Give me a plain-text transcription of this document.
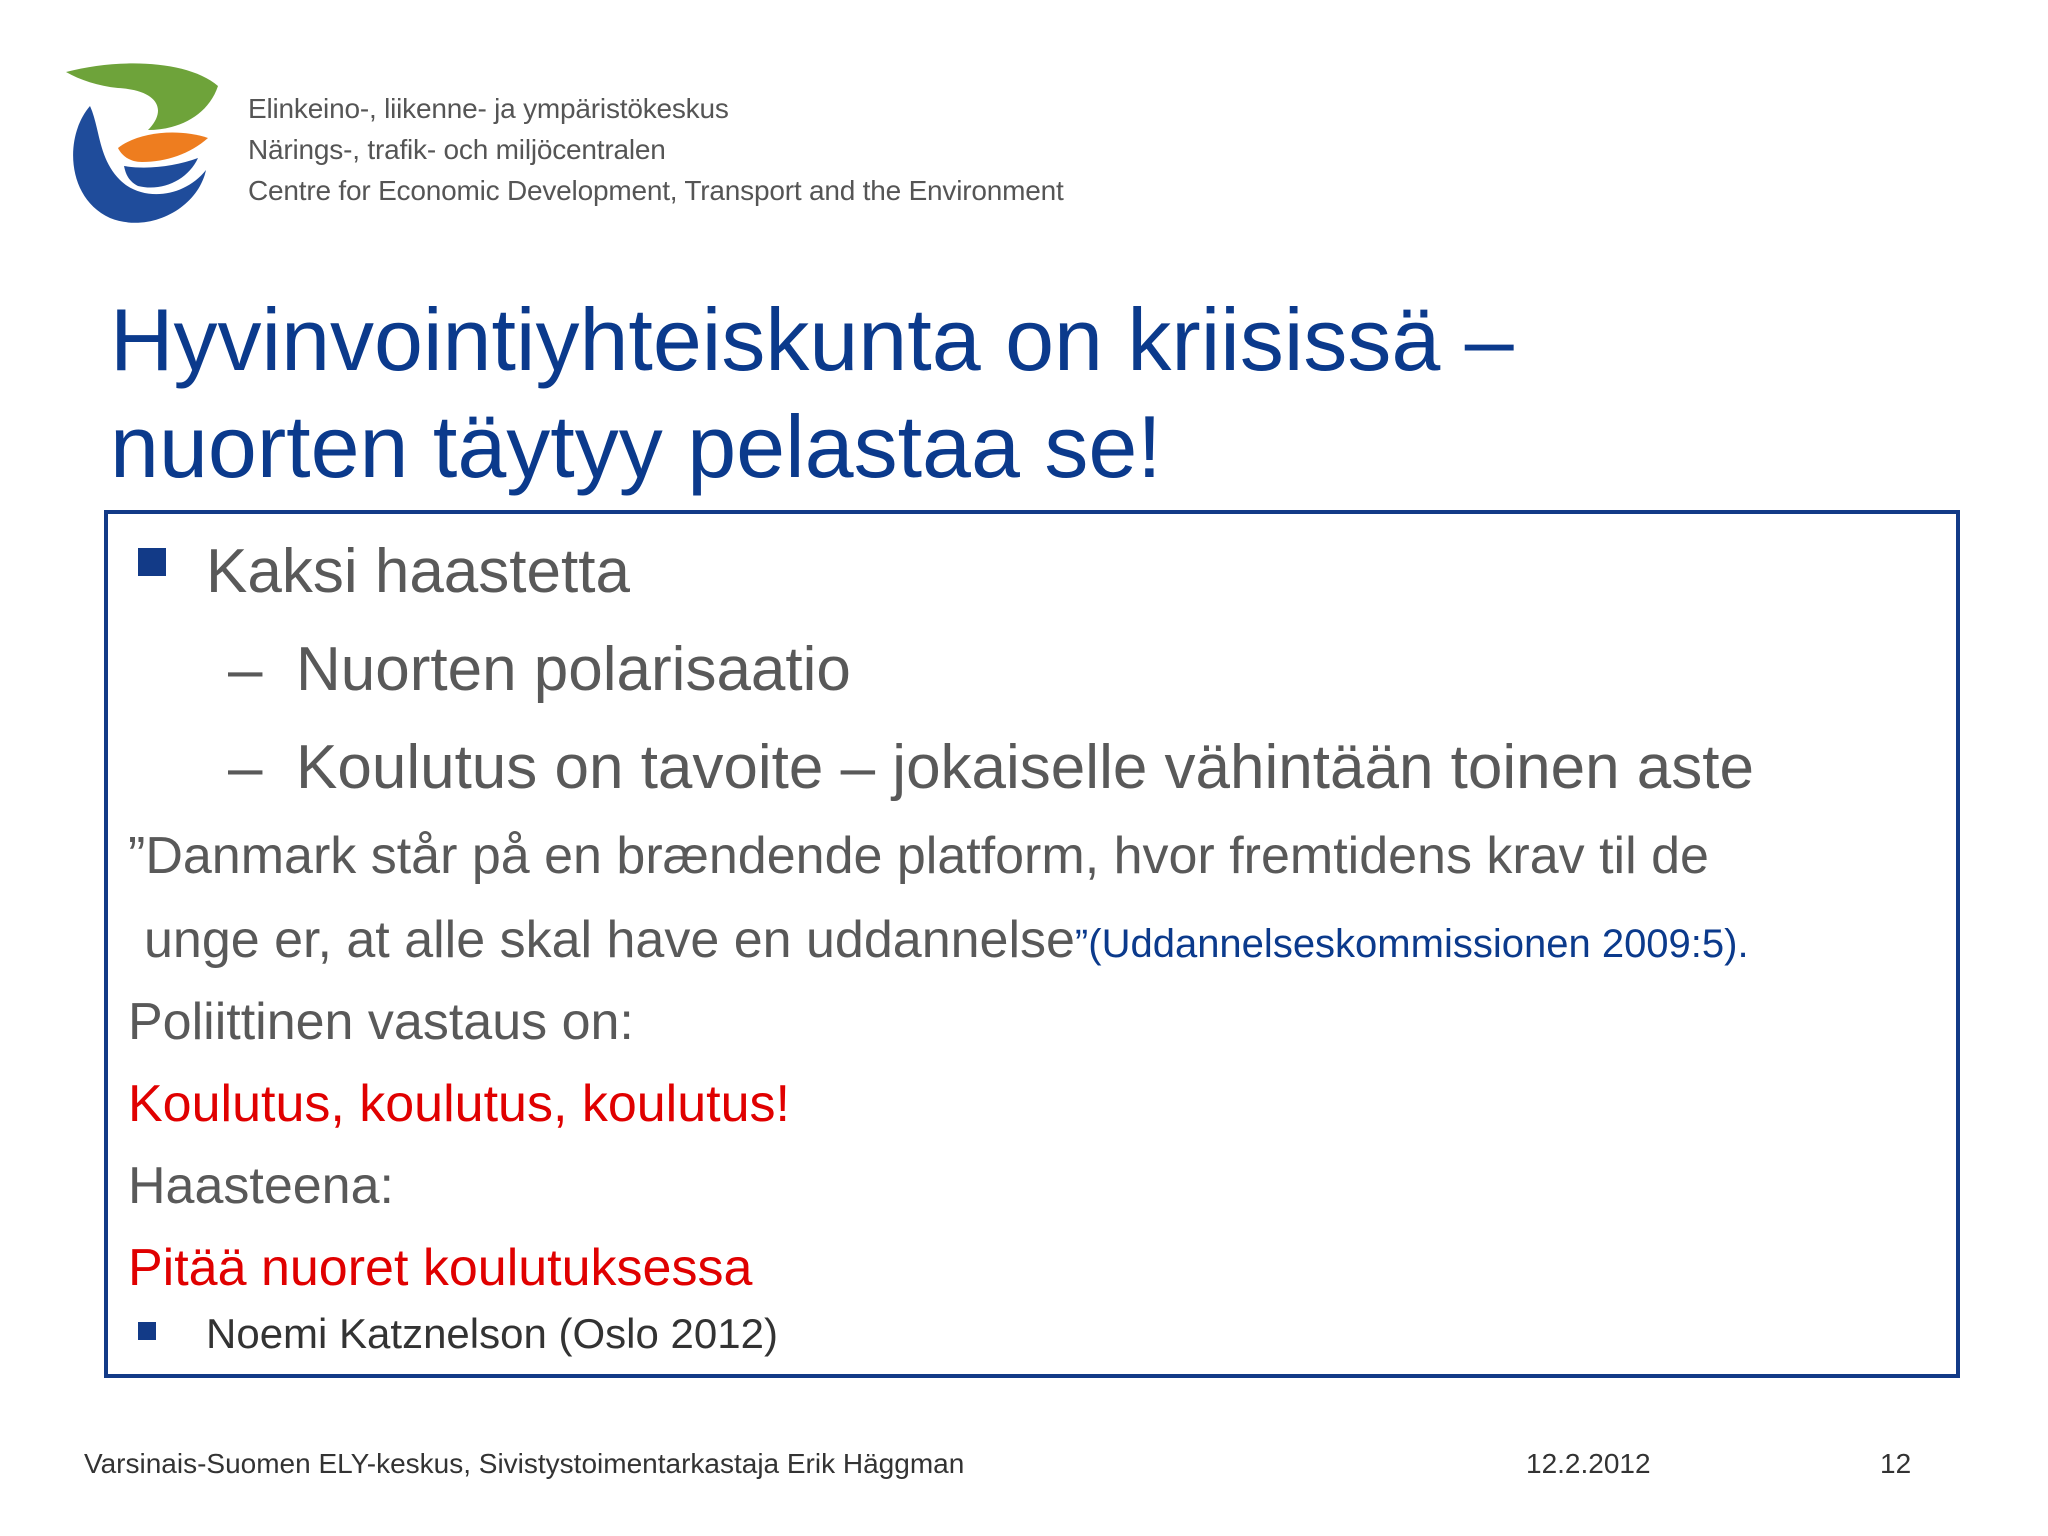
Elinkeino-, liikenne- ja ympäristökeskus
Närings-, trafik- och miljöcentralen
Centre for Economic Development, Transport and the Environment
Hyvinvointiyhteiskunta on kriisissä –
nuorten täytyy pelastaa se!
Kaksi haastetta
– Nuorten polarisaatio
– Koulutus on tavoite – jokaiselle vähintään toinen aste
”Danmark står på en brændende platform, hvor fremtidens krav til de
unge er, at alle skal have en uddannelse”(Uddannelseskommissionen 2009:5).
Poliittinen vastaus on:
Koulutus, koulutus, koulutus!
Haasteena:
Pitää nuoret koulutuksessa
Noemi Katznelson (Oslo 2012)
Varsinais-Suomen ELY-keskus, Sivistystoimentarkastaja Erik Häggman	12.2.2012	12
